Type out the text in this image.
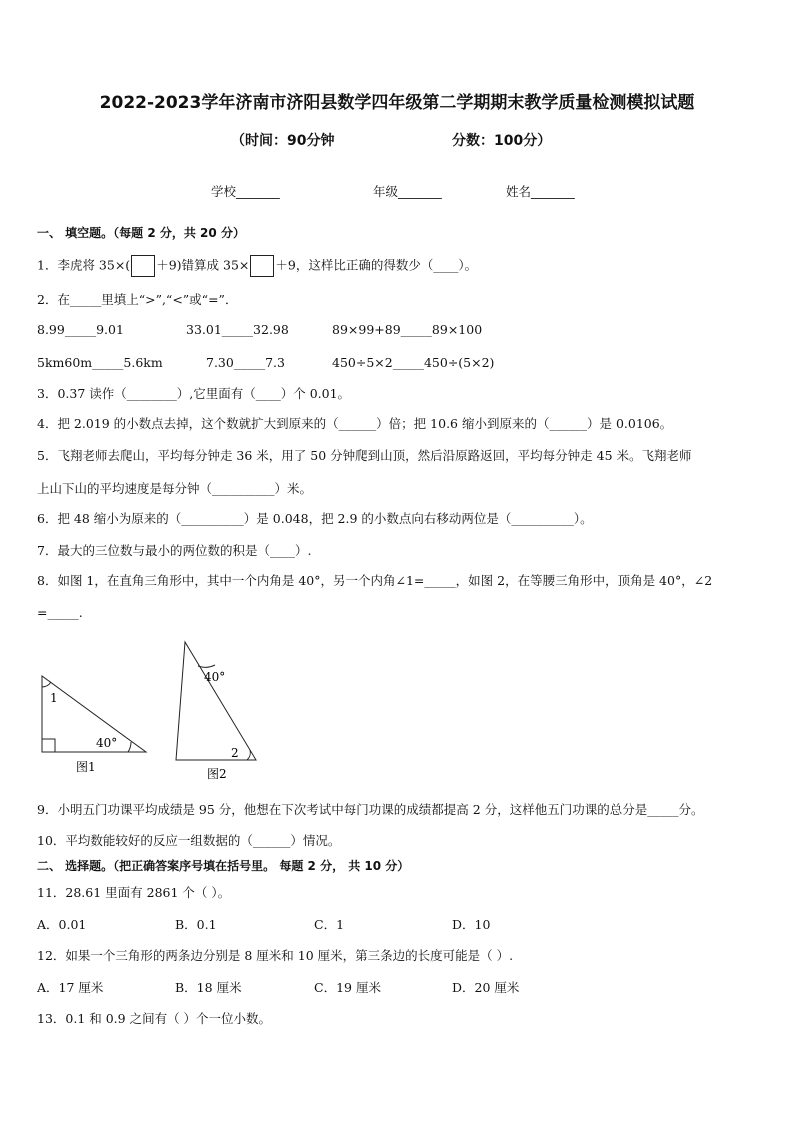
2022-2023学年济南市济阳县数学四年级第二学期期末教学质量检测模拟试题
（时间：90分钟	分数：100分）
学校_______	年级_______	姓名_______
一、 填空题。（每题 2 分，共 20 分）
1．李虎将 35×( ＋9)错算成 35× ＋9，这样比正确的得数少（____）。
2．在_____里填上“>”,“<”或“=”．
8.99_____9.01	33.01_____32.98	89×99+89_____89×100
5km60m_____5.6km	7.30_____7.3	450÷5×2_____450÷(5×2)
3．0.37 读作（________）,它里面有（____）个 0.01。
4．把 2.019 的小数点去掉，这个数就扩大到原来的（______）倍；把 10.6 缩小到原来的（______）是 0.0106。
5．飞翔老师去爬山，平均每分钟走 36 米，用了 50 分钟爬到山顶，然后沿原路返回，平均每分钟走 45 米。飞翔老师
上山下山的平均速度是每分钟（__________）米。
6．把 48 缩小为原来的（__________）是 0.048，把 2.9 的小数点向右移动两位是（__________）。
7．最大的三位数与最小的两位数的积是（____）.
8．如图 1，在直角三角形中，其中一个内角是 40°，另一个内角∠1=_____，如图 2，在等腰三角形中，顶角是 40°，∠2
=_____.
1
40°
图1
40°
2
图2
9．小明五门功课平均成绩是 95 分，他想在下次考试中每门功课的成绩都提高 2 分，这样他五门功课的总分是_____分。
10．平均数能较好的反应一组数据的（______）情况。
二、 选择题。（把正确答案序号填在括号里。 每题 2 分， 共 10 分）
11．28.61 里面有 2861 个（ ）。
A．0.01	B．0.1	C．1	D．10
12．如果一个三角形的两条边分别是 8 厘米和 10 厘米，第三条边的长度可能是（ ）.
A．17 厘米	B．18 厘米	C．19 厘米	D．20 厘米
13．0.1 和 0.9 之间有（ ）个一位小数。
